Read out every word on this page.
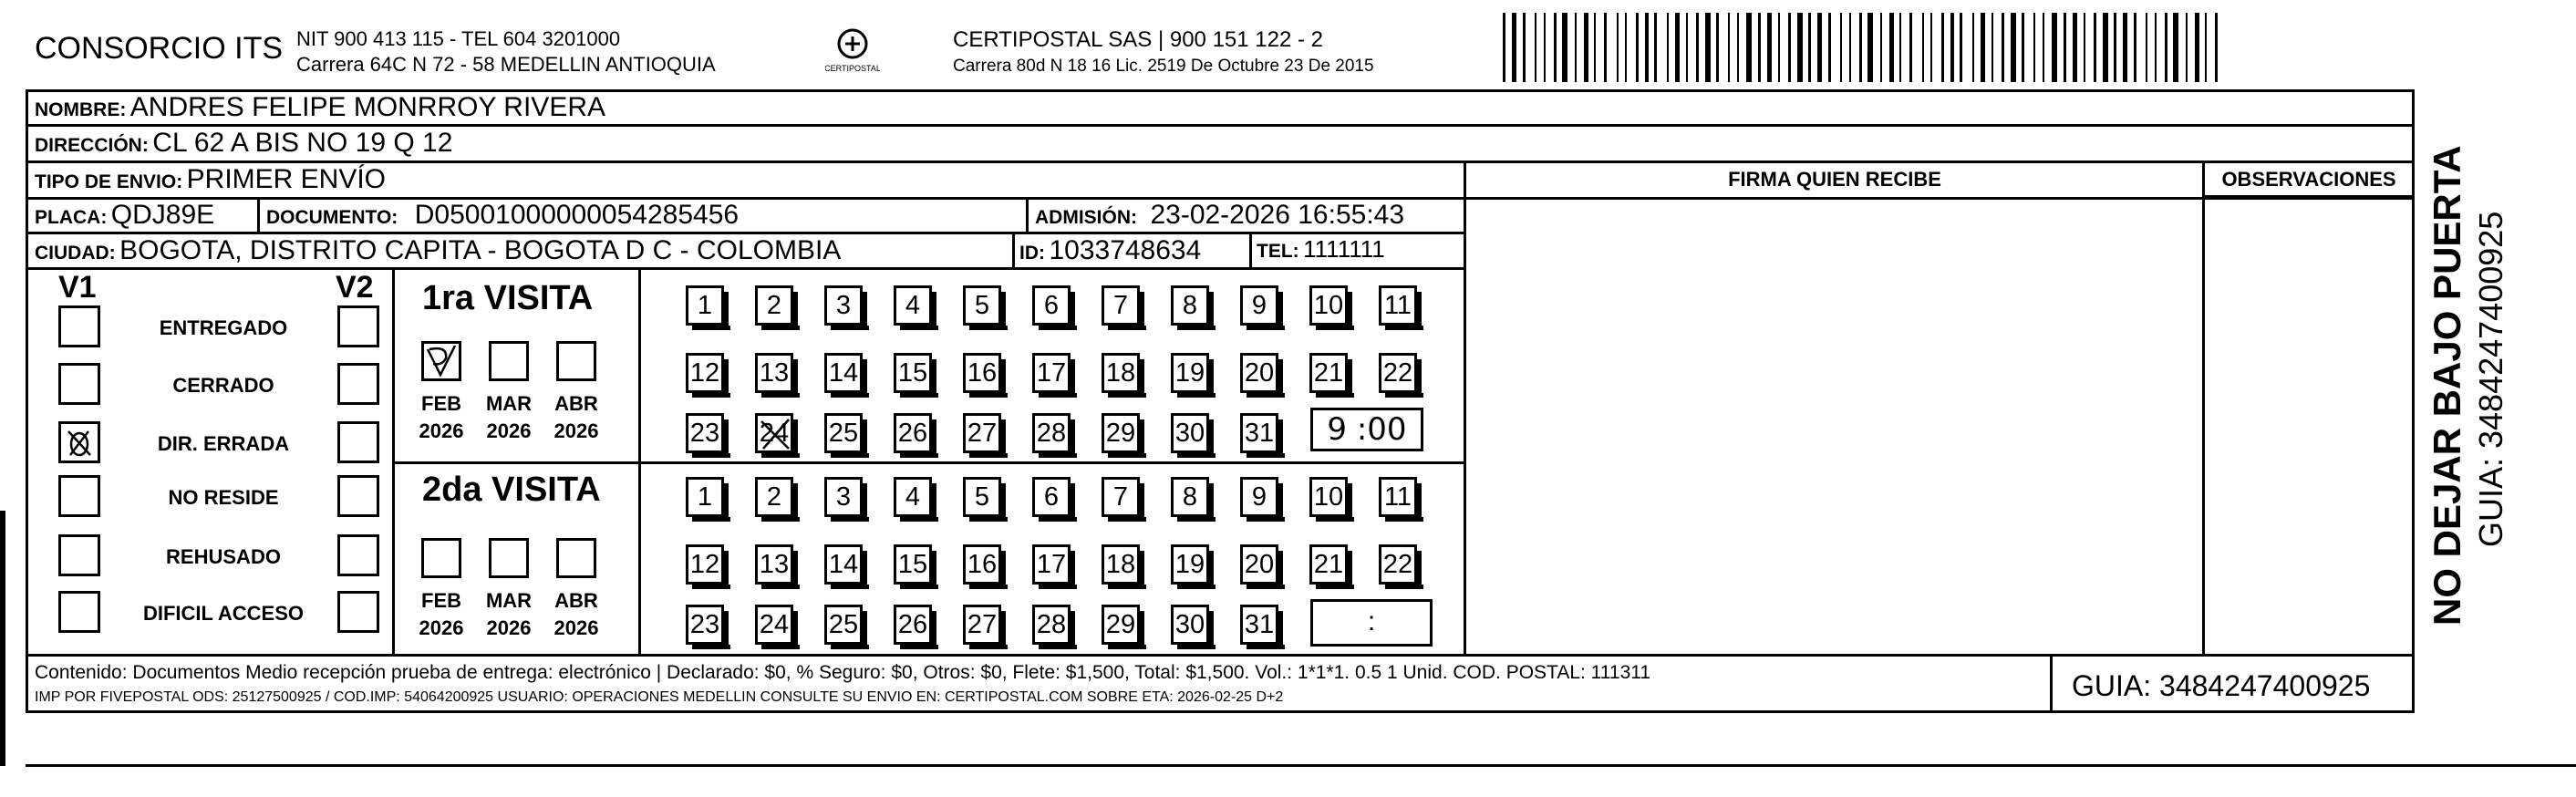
CONSORCIO ITS NIT 900 413 115 - TEL 604 3201000
Carrera 64C N 72 - 58 MEDELLIN ANTIOQUIA	CERTIPOSTAL
CERTIPOSTAL SAS | 900 151 122 - 2
Carrera 80d N 18 16 Lic. 2519 De Octubre 23 De 2015
FIRMA QUIEN RECIBE	OBSERVACIONES
NOMBRE: ANDRES FELIPE MONRROY RIVERA
DIRECCIÓN: CL 62 A BIS NO 19 Q 12
TIPO DE ENVIO: PRIMER ENVÍO
PLACA: QDJ89E	DOCUMENTO: D05001000000054285456	ADMISIÓN: 23-02-2026 16:55:43
CIUDAD: BOGOTA, DISTRITO CAPITA - BOGOTA D C - COLOMBIA	ID: 1033748634	TEL: 1111111
V1	V2
ENTREGADO
CERRADO
DIR. ERRADA
NO RESIDE
REHUSADO
DIFICIL ACCESO
1ra VISITA
2da VISITA
FEB
2026
MAR
2026
ABR
2026
FEB
2026
MAR
2026
ABR
2026
1	2	3	4	5	6	7	8	9	10 11
12 13 14 15 16 17 18 19 20 21 22
23 24 25 26 27 28 29 30 31
1	2	3	4	5	6	7	8	9	10 11
12 13 14 15 16 17 18 19 20 21 22
23 24 25 26 27 28 29 30 31
9 :00
:
Contenido: Documentos Medio recepción prueba de entrega: electrónico | Declarado: $0, % Seguro: $0, Otros: $0, Flete: $1,500, Total: $1,500. Vol.: 1*1*1. 0.5 1 Unid. COD. POSTAL: 111311
IMP POR FIVEPOSTAL ODS: 25127500925 / COD.IMP: 54064200925 USUARIO: OPERACIONES MEDELLIN CONSULTE SU ENVIO EN: CERTIPOSTAL.COM SOBRE ETA: 2026-02-25 D+2	GUIA: 3484247400925
NO DEJAR BAJO PUERTA GUIA: 3484247400925
